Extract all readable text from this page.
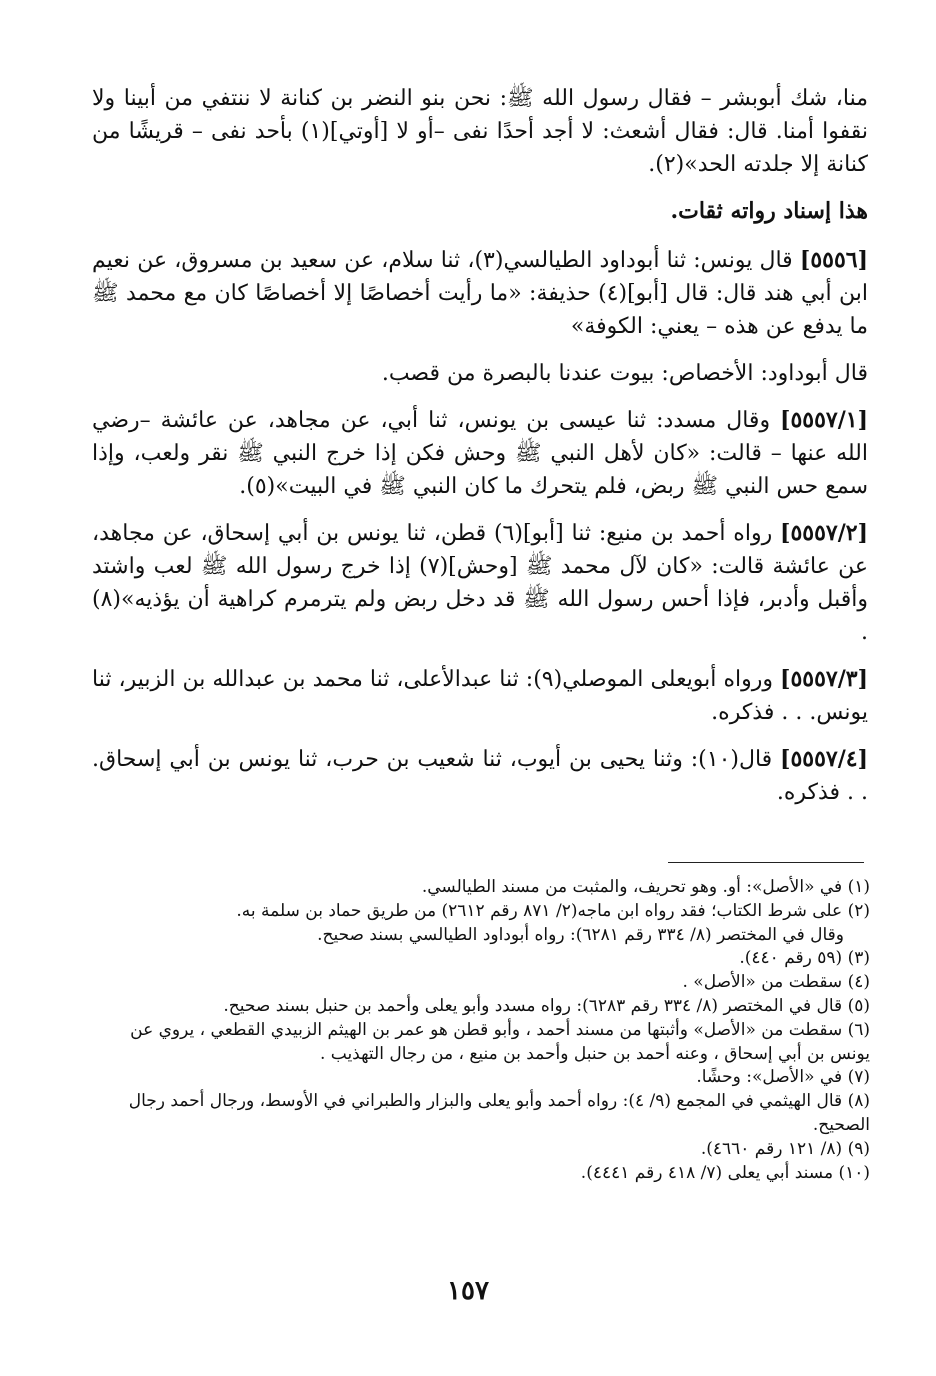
منا، شك أبوبشر – فقال رسول الله ﷺ: نحن بنو النضر بن كنانة لا ننتفي من أبينا ولا نقفوا أمنا. قال: فقال أشعث: لا أجد أحدًا نفى –أو لا [أوتي](١) بأحد نفى – قريشًا من كنانة إلا جلدته الحد»(٢).

هذا إسناد رواته ثقات.

[٥٥٥٦] قال يونس: ثنا أبوداود الطيالسي(٣)، ثنا سلام، عن سعيد بن مسروق، عن نعيم ابن أبي هند قال: قال [أبو](٤) حذيفة: «ما رأيت أخصاصًا إلا أخصاصًا كان مع محمد ﷺ ما يدفع عن هذه – يعني: الكوفة»

قال أبوداود: الأخصاص: بيوت عندنا بالبصرة من قصب.

[٥٥٥٧/١] وقال مسدد: ثنا عيسى بن يونس، ثنا أبي، عن مجاهد، عن عائشة –رضي الله عنها – قالت: «كان لأهل النبي ﷺ وحش فكن إذا خرج النبي ﷺ نقر ولعب، وإذا سمع حس النبي ﷺ ربض، فلم يتحرك ما كان النبي ﷺ في البيت»(٥).

[٥٥٥٧/٢] رواه أحمد بن منيع: ثنا [أبو](٦) قطن، ثنا يونس بن أبي إسحاق، عن مجاهد، عن عائشة قالت: «كان لآل محمد ﷺ [وحش](٧) إذا خرج رسول الله ﷺ لعب واشتد وأقبل وأدبر، فإذا أحس رسول الله ﷺ قد دخل ربض ولم يترمرم كراهية أن يؤذيه»(٨) .

[٥٥٥٧/٣] ورواه أبويعلى الموصلي(٩): ثنا عبدالأعلى، ثنا محمد بن عبدالله بن الزبير، ثنا يونس. . . فذكره.

[٥٥٥٧/٤] قال(١٠): وثنا يحيى بن أيوب، ثنا شعيب بن حرب، ثنا يونس بن أبي إسحاق. . . فذكره.

(١) في «الأصل»: أو. وهو تحريف، والمثبت من مسند الطيالسي.

(٢) على شرط الكتاب؛ فقد رواه ابن ماجه(٢/ ٨٧١ رقم ٢٦١٢) من طريق حماد بن سلمة به.

وقال في المختصر (٨/ ٣٣٤ رقم ٦٢٨١): رواه أبوداود الطيالسي بسند صحيح.

(٣) (٥٩ رقم ٤٤٠).

(٤) سقطت من «الأصل» .

(٥) قال في المختصر (٨/ ٣٣٤ رقم ٦٢٨٣): رواه مسدد وأبو يعلى وأحمد بن حنبل بسند صحيح.

(٦) سقطت من «الأصل» وأثبتها من مسند أحمد ، وأبو قطن هو عمر بن الهيثم الزبيدي القطعي ، يروي عن يونس بن أبي إسحاق ، وعنه أحمد بن حنبل وأحمد بن منيع ، من رجال التهذيب .

(٧) في «الأصل»: وحشًا.

(٨) قال الهيثمي في المجمع (٩/ ٤): رواه أحمد وأبو يعلى والبزار والطبراني في الأوسط، ورجال أحمد رجال الصحيح.

(٩) (٨/ ١٢١ رقم ٤٦٦٠).

(١٠) مسند أبي يعلى (٧/ ٤١٨ رقم ٤٤٤١).

١٥٧
